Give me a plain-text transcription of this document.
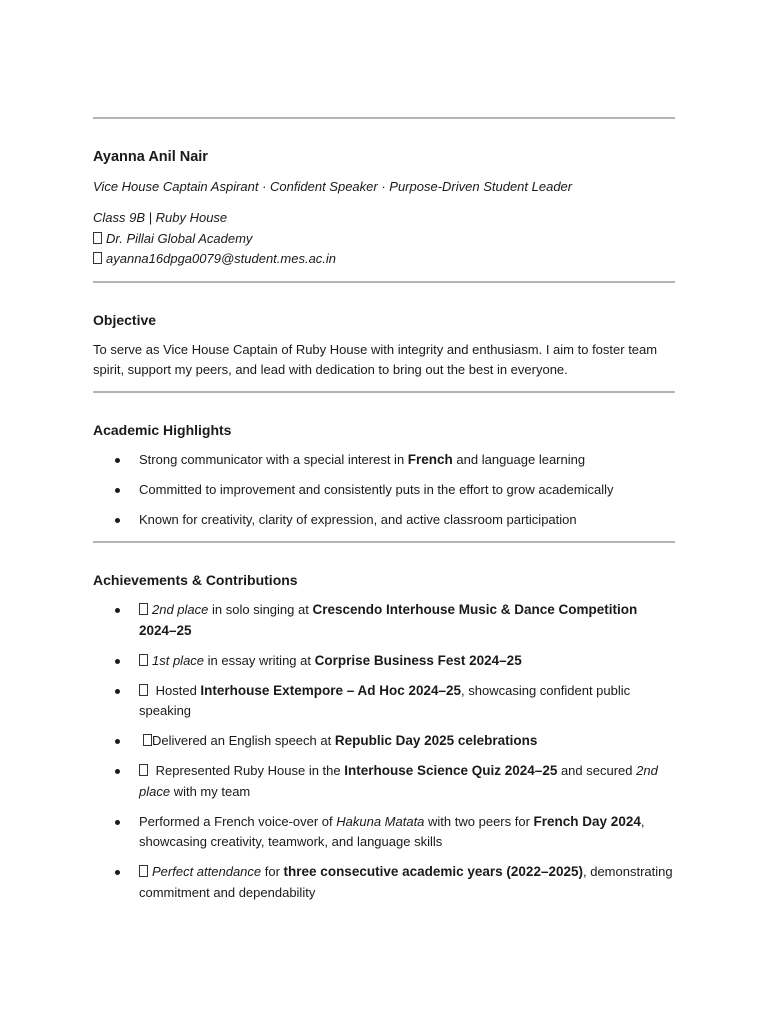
Ayanna Anil Nair
Vice House Captain Aspirant · Confident Speaker · Purpose-Driven Student Leader
Class 9B | Ruby House
Dr. Pillai Global Academy
ayanna16dpga0079@student.mes.ac.in
Objective
To serve as Vice House Captain of Ruby House with integrity and enthusiasm. I aim to foster team spirit, support my peers, and lead with dedication to bring out the best in everyone.
Academic Highlights
Strong communicator with a special interest in French and language learning
Committed to improvement and consistently puts in the effort to grow academically
Known for creativity, clarity of expression, and active classroom participation
Achievements & Contributions
2nd place in solo singing at Crescendo Interhouse Music & Dance Competition 2024–25
1st place in essay writing at Corprise Business Fest 2024–25
Hosted Interhouse Extempore – Ad Hoc 2024–25, showcasing confident public speaking
Delivered an English speech at Republic Day 2025 celebrations
Represented Ruby House in the Interhouse Science Quiz 2024–25 and secured 2nd place with my team
Performed a French voice-over of Hakuna Matata with two peers for French Day 2024, showcasing creativity, teamwork, and language skills
Perfect attendance for three consecutive academic years (2022–2025), demonstrating commitment and dependability
